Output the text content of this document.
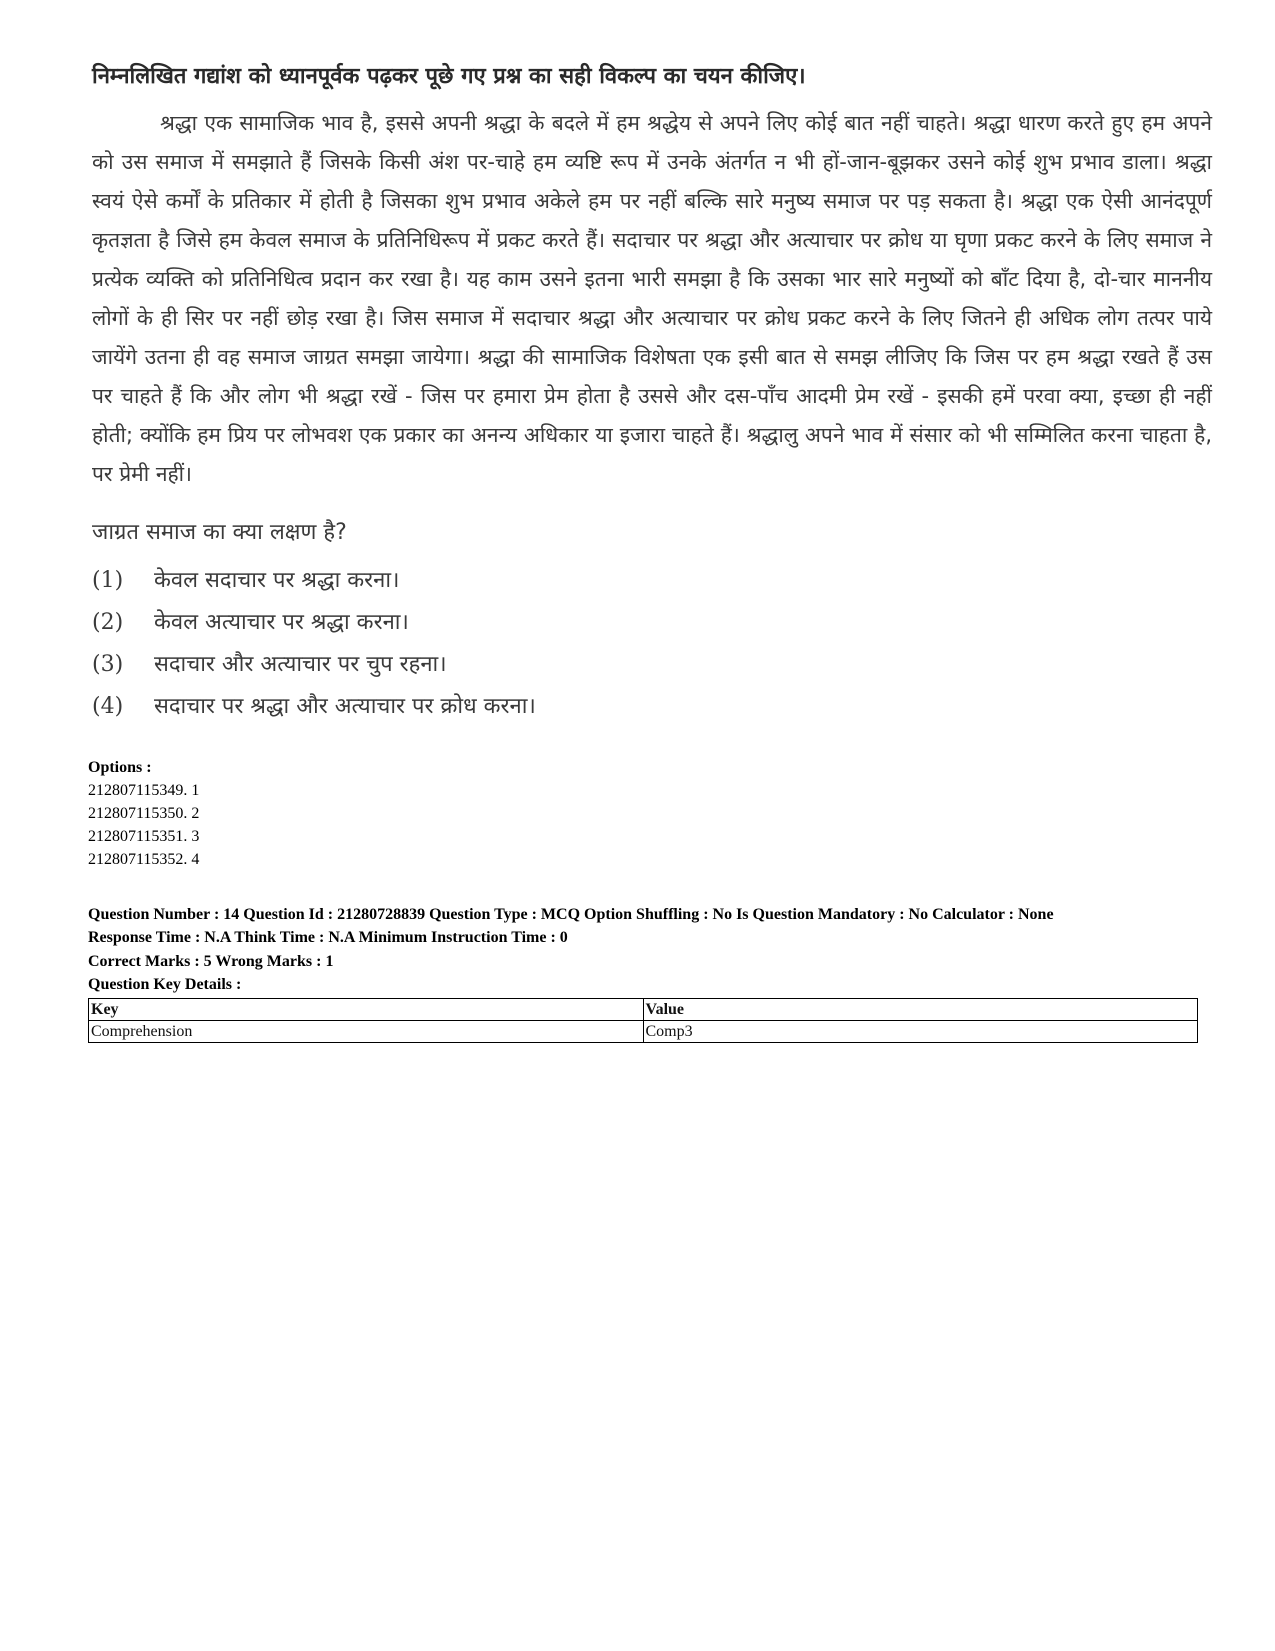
निम्नलिखित गद्यांश को ध्यानपूर्वक पढ़कर पूछे गए प्रश्न का सही विकल्प का चयन कीजिए।

श्रद्धा एक सामाजिक भाव है, इससे अपनी श्रद्धा के बदले में हम श्रद्धेय से अपने लिए कोई बात नहीं चाहते। श्रद्धा धारण करते हुए हम अपने को उस समाज में समझाते हैं जिसके किसी अंश पर-चाहे हम व्यष्टि रूप में उनके अंतर्गत न भी हों-जान-बूझकर उसने कोई शुभ प्रभाव डाला। श्रद्धा स्वयं ऐसे कर्मों के प्रतिकार में होती है जिसका शुभ प्रभाव अकेले हम पर नहीं बल्कि सारे मनुष्य समाज पर पड़ सकता है। श्रद्धा एक ऐसी आनंदपूर्ण कृतज्ञता है जिसे हम केवल समाज के प्रतिनिधिरूप में प्रकट करते हैं। सदाचार पर श्रद्धा और अत्याचार पर क्रोध या घृणा प्रकट करने के लिए समाज ने प्रत्येक व्यक्ति को प्रतिनिधित्व प्रदान कर रखा है। यह काम उसने इतना भारी समझा है कि उसका भार सारे मनुष्यों को बाँट दिया है, दो-चार माननीय लोगों के ही सिर पर नहीं छोड़ रखा है। जिस समाज में सदाचार श्रद्धा और अत्याचार पर क्रोध प्रकट करने के लिए जितने ही अधिक लोग तत्पर पाये जायेंगे उतना ही वह समाज जाग्रत समझा जायेगा। श्रद्धा की सामाजिक विशेषता एक इसी बात से समझ लीजिए कि जिस पर हम श्रद्धा रखते हैं उस पर चाहते हैं कि और लोग भी श्रद्धा रखें - जिस पर हमारा प्रेम होता है उससे और दस-पाँच आदमी प्रेम रखें - इसकी हमें परवा क्या, इच्छा ही नहीं होती; क्योंकि हम प्रिय पर लोभवश एक प्रकार का अनन्य अधिकार या इजारा चाहते हैं। श्रद्धालु अपने भाव में संसार को भी सम्मिलित करना चाहता है, पर प्रेमी नहीं।

जाग्रत समाज का क्या लक्षण है?
(1)	केवल सदाचार पर श्रद्धा करना।
(2)	केवल अत्याचार पर श्रद्धा करना।
(3)	सदाचार और अत्याचार पर चुप रहना।
(4)	सदाचार पर श्रद्धा और अत्याचार पर क्रोध करना।
Options :
212807115349. 1
212807115350. 2
212807115351. 3
212807115352. 4
Question Number : 14 Question Id : 21280728839 Question Type : MCQ Option Shuffling : No Is Question Mandatory : No Calculator : None
Response Time : N.A Think Time : N.A Minimum Instruction Time : 0
Correct Marks : 5 Wrong Marks : 1
Question Key Details :
Key	Value
Comprehension	Comp3
